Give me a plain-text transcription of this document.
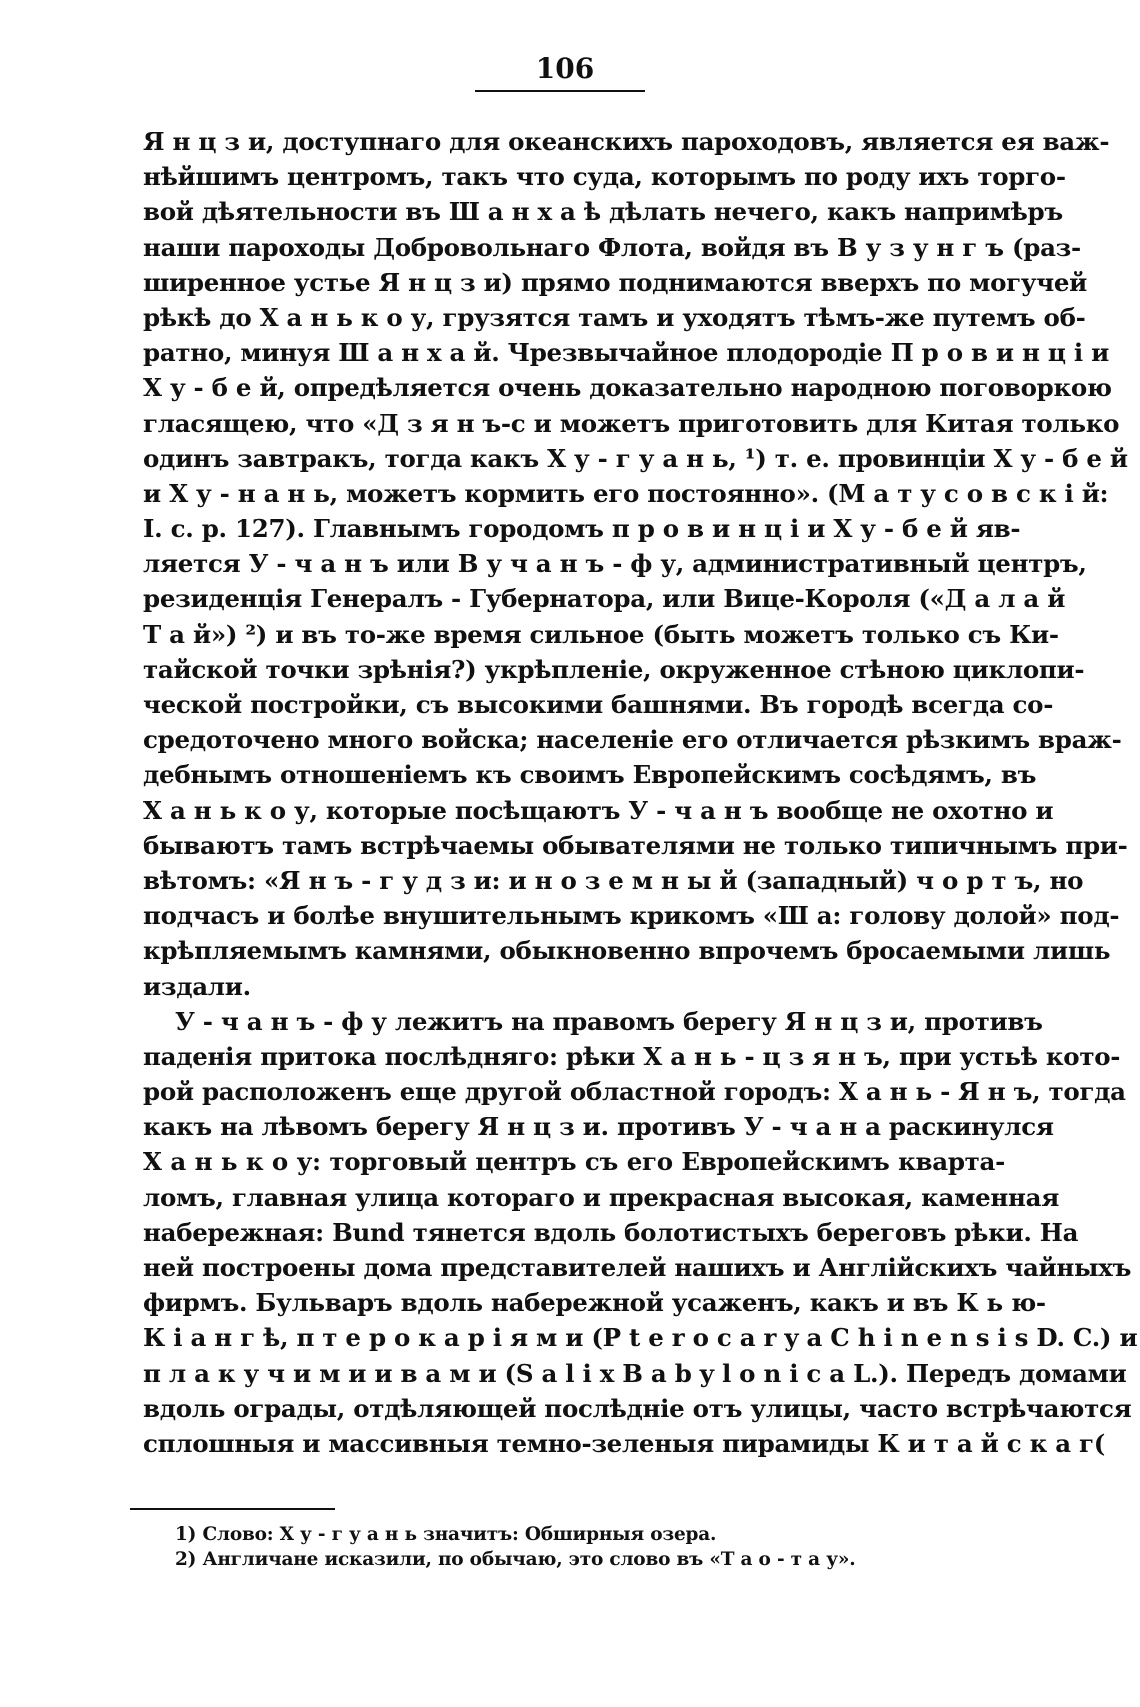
106
Я н ц з и, доступнаго для океанскихъ пароходовъ, является ея важ-
нѣйшимъ центромъ, такъ что суда, которымъ по роду ихъ торго-
вой дѣятельности въ Ш а н х а ѣ дѣлать нечего, какъ напримѣръ
наши пароходы Добровольнаго Флота, войдя въ В у з у н г ъ (раз-
ширенное устье Я н ц з и) прямо поднимаются вверхъ по могучей
рѣкѣ до Х а н ь к о у, грузятся тамъ и уходятъ тѣмъ-же путемъ об-
ратно, минуя Ш а н х а й. Чрезвычайное плодородіе П р о в и н ц і и
Х у - б е й, опредѣляется очень доказательно народною поговоркою
гласящею, что «Д з я н ъ-с и можетъ приготовить для Китая только
одинъ завтракъ, тогда какъ Х у - г у а н ь, ¹) т. е. провинціи Х у - б е й
и Х у - н а н ь, можетъ кормить его постоянно». (М а т у с о в с к і й:
I. с. р. 127). Главнымъ городомъ п р о в и н ц і и Х у - б е й яв-
ляется У - ч а н ъ или В у ч а н ъ - ф у, административный центръ,
резиденція Генералъ - Губернатора, или Вице-Короля («Д а л а й
Т а й») ²) и въ то-же время сильное (быть можетъ только съ Ки-
тайской точки зрѣнія?) укрѣпленіе, окруженное стѣною циклопи-
ческой постройки, съ высокими башнями. Въ городѣ всегда со-
средоточено много войска; населеніе его отличается рѣзкимъ враж-
дебнымъ отношеніемъ къ своимъ Европейскимъ сосѣдямъ, въ
Х а н ь к о у, которые посѣщаютъ У - ч а н ъ вообще не охотно и
бываютъ тамъ встрѣчаемы обывателями не только типичнымъ при-
вѣтомъ: «Я н ъ - г у д з и: и н о з е м н ы й (западный) ч о р т ъ, но
подчасъ и болѣе внушительнымъ крикомъ «Ш а: голову долой» под-
крѣпляемымъ камнями, обыкновенно впрочемъ бросаемыми лишь
издали.
У - ч а н ъ - ф у лежитъ на правомъ берегу Я н ц з и, противъ
паденія притока послѣдняго: рѣки Х а н ь - ц з я н ъ, при устьѣ кото-
рой расположенъ еще другой областной городъ: Х а н ь - Я н ъ, тогда
какъ на лѣвомъ берегу Я н ц з и. противъ У - ч а н а раскинулся
Х а н ь к о у: торговый центръ съ его Европейскимъ кварта-
ломъ, главная улица котораго и прекрасная высокая, каменная
набережная: Bund тянется вдоль болотистыхъ береговъ рѣки. На
ней построены дома представителей нашихъ и Англійскихъ чайныхъ
фирмъ. Бульваръ вдоль набережной усаженъ, какъ и въ К ь ю-
К і а н г ѣ, п т е р о к а р і я м и (P t e r o c a r y a C h i n e n s i s D. C.) и
п л а к у ч и м и и в а м и (S a l i x B a b y l o n i c a L.). Передъ домами
вдоль ограды, отдѣляющей послѣдніе отъ улицы, часто встрѣчаются
сплошныя и массивныя темно-зеленыя пирамиды К и т а й с к а г(
1) Слово: Х у - г у а н ь значитъ: Обширныя озера.
2) Англичане исказили, по обычаю, это слово въ «Т а о - т а у».
